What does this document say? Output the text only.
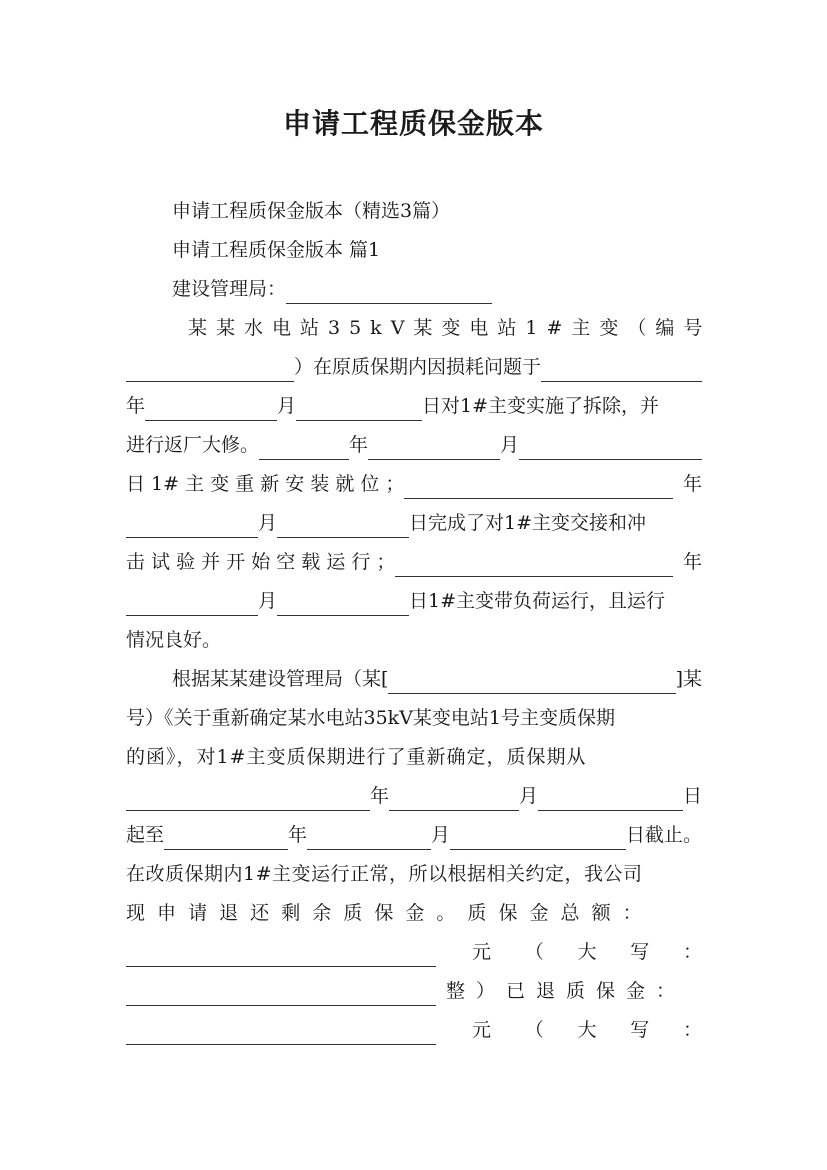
申请工程质保金版本
申请工程质保金版本（精选3篇）
申请工程质保金版本 篇1
建设管理局：
某某水电站35kV某变电站1#主变（编号
）在原质保期内因损耗问题于
年	月	日对1#主变实施了拆除，并
进行返厂大修。	年	月
日 1# 主 变 重 新 安 装 就 位 ；	年
月	日完成了对1#主变交接和冲
击 试 验 并 开 始 空 载 运 行 ；	年
月	日1#主变带负荷运行，且运行
情况良好。
根据某某建设管理局（某[	]某
号）《关于重新确定某水电站35kV某变电站1号主变质保期
的函》，对1#主变质保期进行了重新确定，质保期从
年	月	日
起至	年	月	日截止。
在改质保期内1#主变运行正常，所以根据相关约定，我公司
现 申 请 退 还 剩 余 质 保 金 。 质 保 金 总 额 ：
元 （ 大 写 ：
整）已退质保金：
元 （ 大 写 ：
